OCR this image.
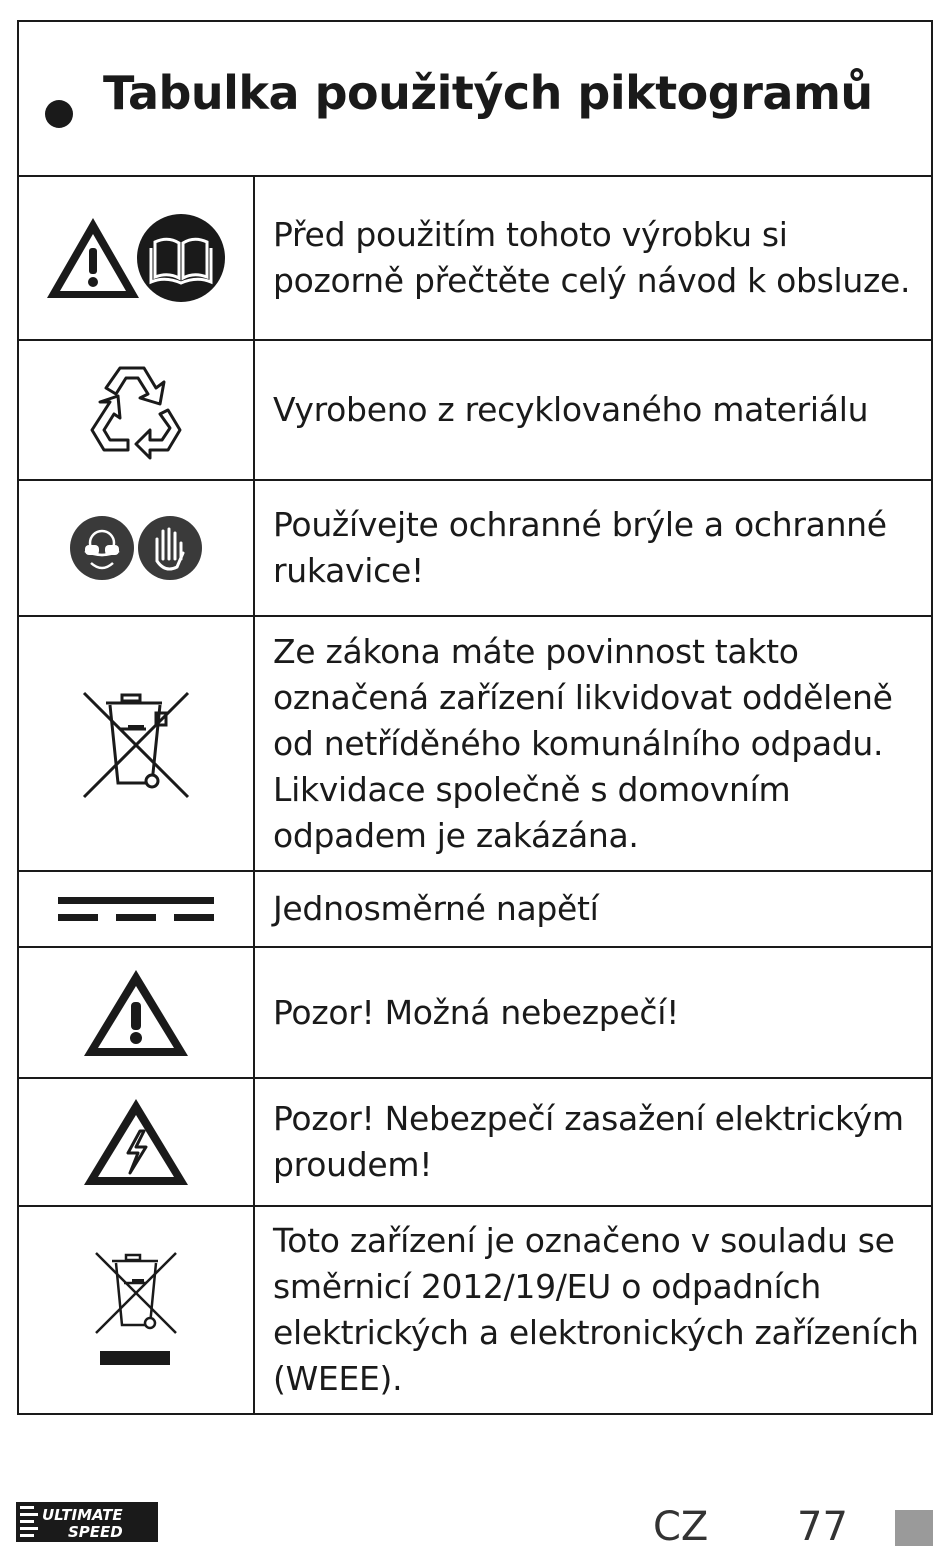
Tabulka použitých piktogramů

Před použitím tohoto výrobku si
pozorně přečtěte celý návod k obsluze.

Vyrobeno z recyklovaného materiálu

Používejte ochranné brýle a ochranné
rukavice!

Ze zákona máte povinnost takto
označená zařízení likvidovat odděleně
od netříděného komunálního odpadu.
Likvidace společně s domovním
odpadem je zakázána.

Jednosměrné napětí

Pozor! Možná nebezpečí!

Pozor! Nebezpečí zasažení elektrickým
proudem!

Toto zařízení je označeno v souladu se
směrnicí 2012/19/EU o odpadních
elektrických a elektronických zařízeních
(WEEE).
ULTIMATE
SPEED	CZ 77
